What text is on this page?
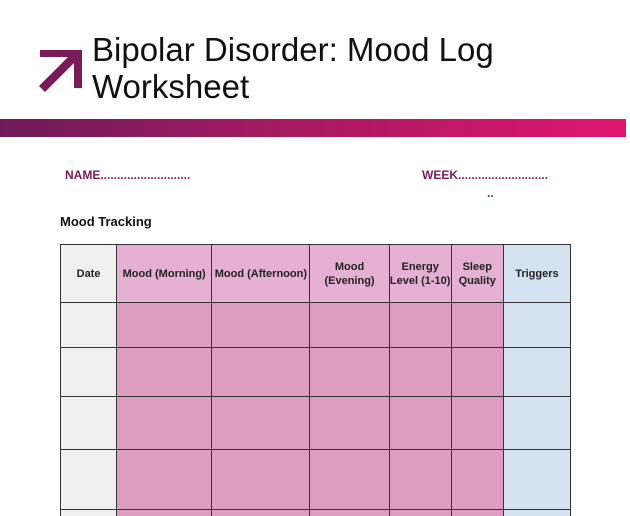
Bipolar Disorder: Mood Log Worksheet
NAME...........................	WEEK...........................
..
Mood Tracking
Date	Mood (Morning)	Mood (Afternoon)	Mood (Evening)	Energy Level (1-10)	Sleep Quality	Triggers
